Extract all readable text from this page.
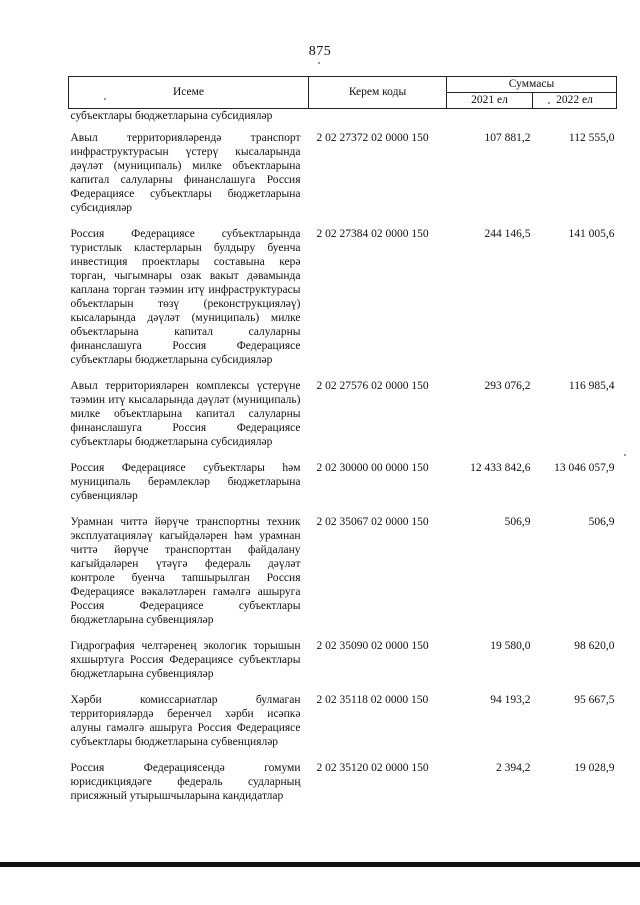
875
Исеме	Керем коды	Суммасы	
		2021 ел	2022 ел
субъектлары бюджетларына субсидияләр			
Авыл территорияләрендә транспорт инфраструктурасын үстерү кысаларында дәүләт (муниципаль) милке объектларына капитал салуларны финанслашуга Россия Федерациясе субъектлары бюджетларына субсидияләр	2 02 27372 02 0000 150	107 881,2	112 555,0
Россия Федерациясе субъектларында туристлык кластерларын булдыру буенча инвестиция проектлары составына керә торган, чыгымнары озак вакыт дәвамында каплана торган тәэмин итү инфраструктурасы объектларын төзү (реконструкцияләү) кысаларында дәүләт (муниципаль) милке объектларына капитал салуларны финанслашуга Россия Федерациясе субъектлары бюджетларына субсидияләр	2 02 27384 02 0000 150	244 146,5	141 005,6
Авыл территорияләрен комплексы үстерүне тәэмин итү кысаларында дәүләт (муниципаль) милке объектларына капитал салуларны финанслашуга Россия Федерациясе субъектлары бюджетларына субсидияләр	2 02 27576 02 0000 150	293 076,2	116 985,4
Россия Федерациясе субъектлары һәм муниципаль берәмлекләр бюджетларына субвенцияләр	2 02 30000 00 0000 150	12 433 842,6	13 046 057,9
Урамнан читтә йөрүче транспортны техник эксплуатацияләү кагыйдәләрен һәм урамнан читтә йөрүче транспорттан файдалану кагыйдәләрен үтәүгә федераль дәүләт контроле буенча тапшырылган Россия Федерациясе вәкаләтләрен гамәлгә ашыруга Россия Федерациясе субъектлары бюджетларына субвенцияләр	2 02 35067 02 0000 150	506,9	506,9
Гидрография челтәренең экологик торышын яхшыртуга Россия Федерациясе субъектлары бюджетларына субвенцияләр	2 02 35090 02 0000 150	19 580,0	98 620,0
Хәрби комиссариатлар булмаган территорияләрдә беренчел хәрби исәпкә алуны гамәлгә ашыруга Россия Федерациясе субъектлары бюджетларына субвенцияләр	2 02 35118 02 0000 150	94 193,2	95 667,5
Россия Федерациясендә гомуми юрисдикциядәге федераль судларның присяжный утырышчыларына кандидатлар	2 02 35120 02 0000 150	2 394,2	19 028,9
